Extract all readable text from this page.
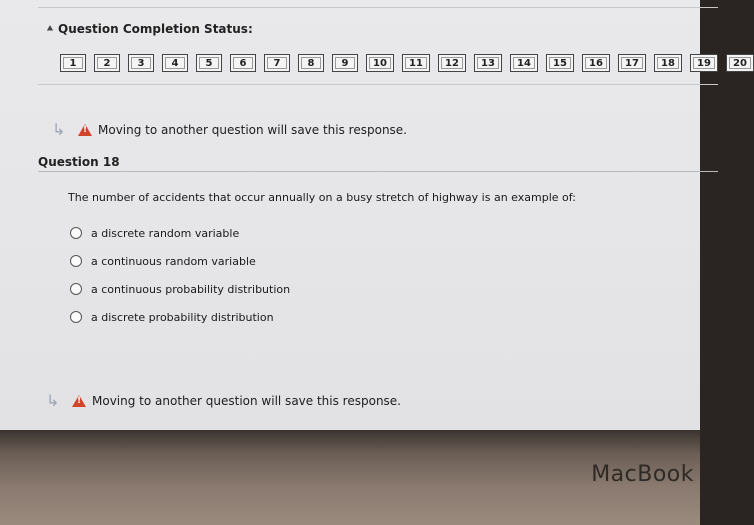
⯅ Question Completion Status:
1	2	3	4	5	6	7	8	9	10	11	12	13	14	15	16	17	18	19	20
↳ !	Moving to another question will save this response.
Question 18
The number of accidents that occur annually on a busy stretch of highway is an example of:
a discrete random variable
a continuous random variable
a continuous probability distribution
a discrete probability distribution
↳ !	Moving to another question will save this response.
MacBook
